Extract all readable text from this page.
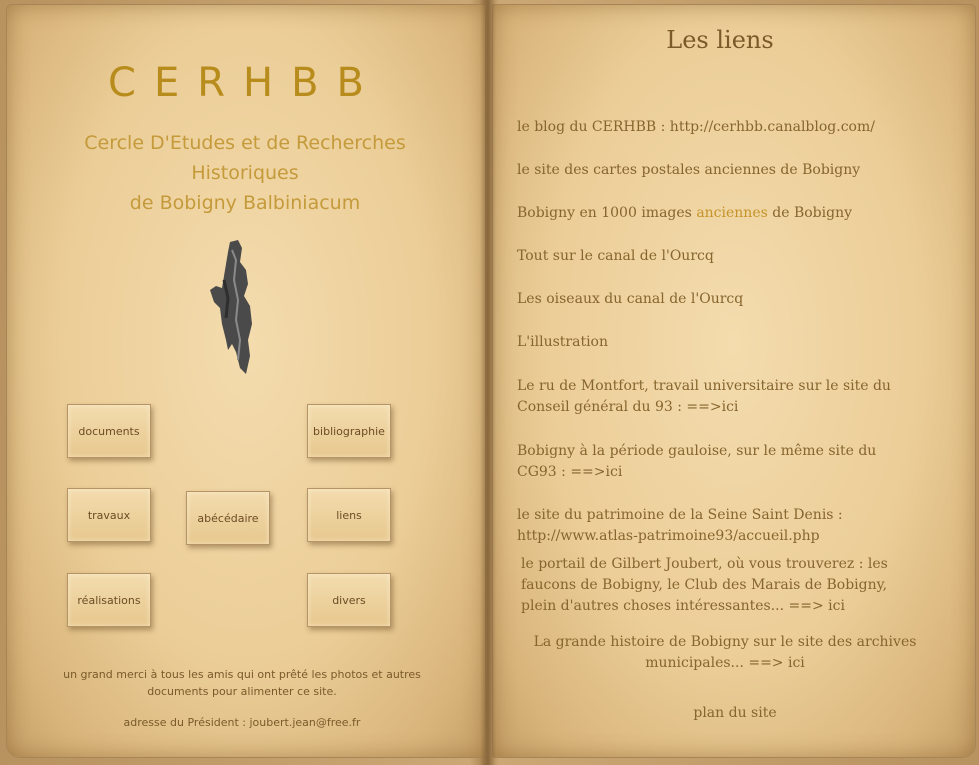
CERHBB
Cercle D'Etudes et de Recherches
Historiques
de Bobigny Balbiniacum
documents	bibliographie
travaux	abécédaire	liens
réalisations	divers
un grand merci à tous les amis qui ont prêté les photos et autres documents pour alimenter ce site.
adresse du Président : joubert.jean@free.fr
Les liens
le blog du CERHBB : http://cerhbb.canalblog.com/
le site des cartes postales anciennes de Bobigny
Bobigny en 1000 images anciennes de Bobigny
Tout sur le canal de l'Ourcq
Les oiseaux du canal de l'Ourcq
L'illustration
Le ru de Montfort, travail universitaire sur le site du Conseil général du 93 : ==>ici
Bobigny à la période gauloise, sur le même site du CG93 : ==>ici
le site du patrimoine de la Seine Saint Denis : http://www.atlas-patrimoine93/accueil.php
le portail de Gilbert Joubert, où vous trouverez : les faucons de Bobigny, le Club des Marais de Bobigny, plein d'autres choses intéressantes... ==> ici
La grande histoire de Bobigny sur le site des archives municipales... ==> ici
plan du site
